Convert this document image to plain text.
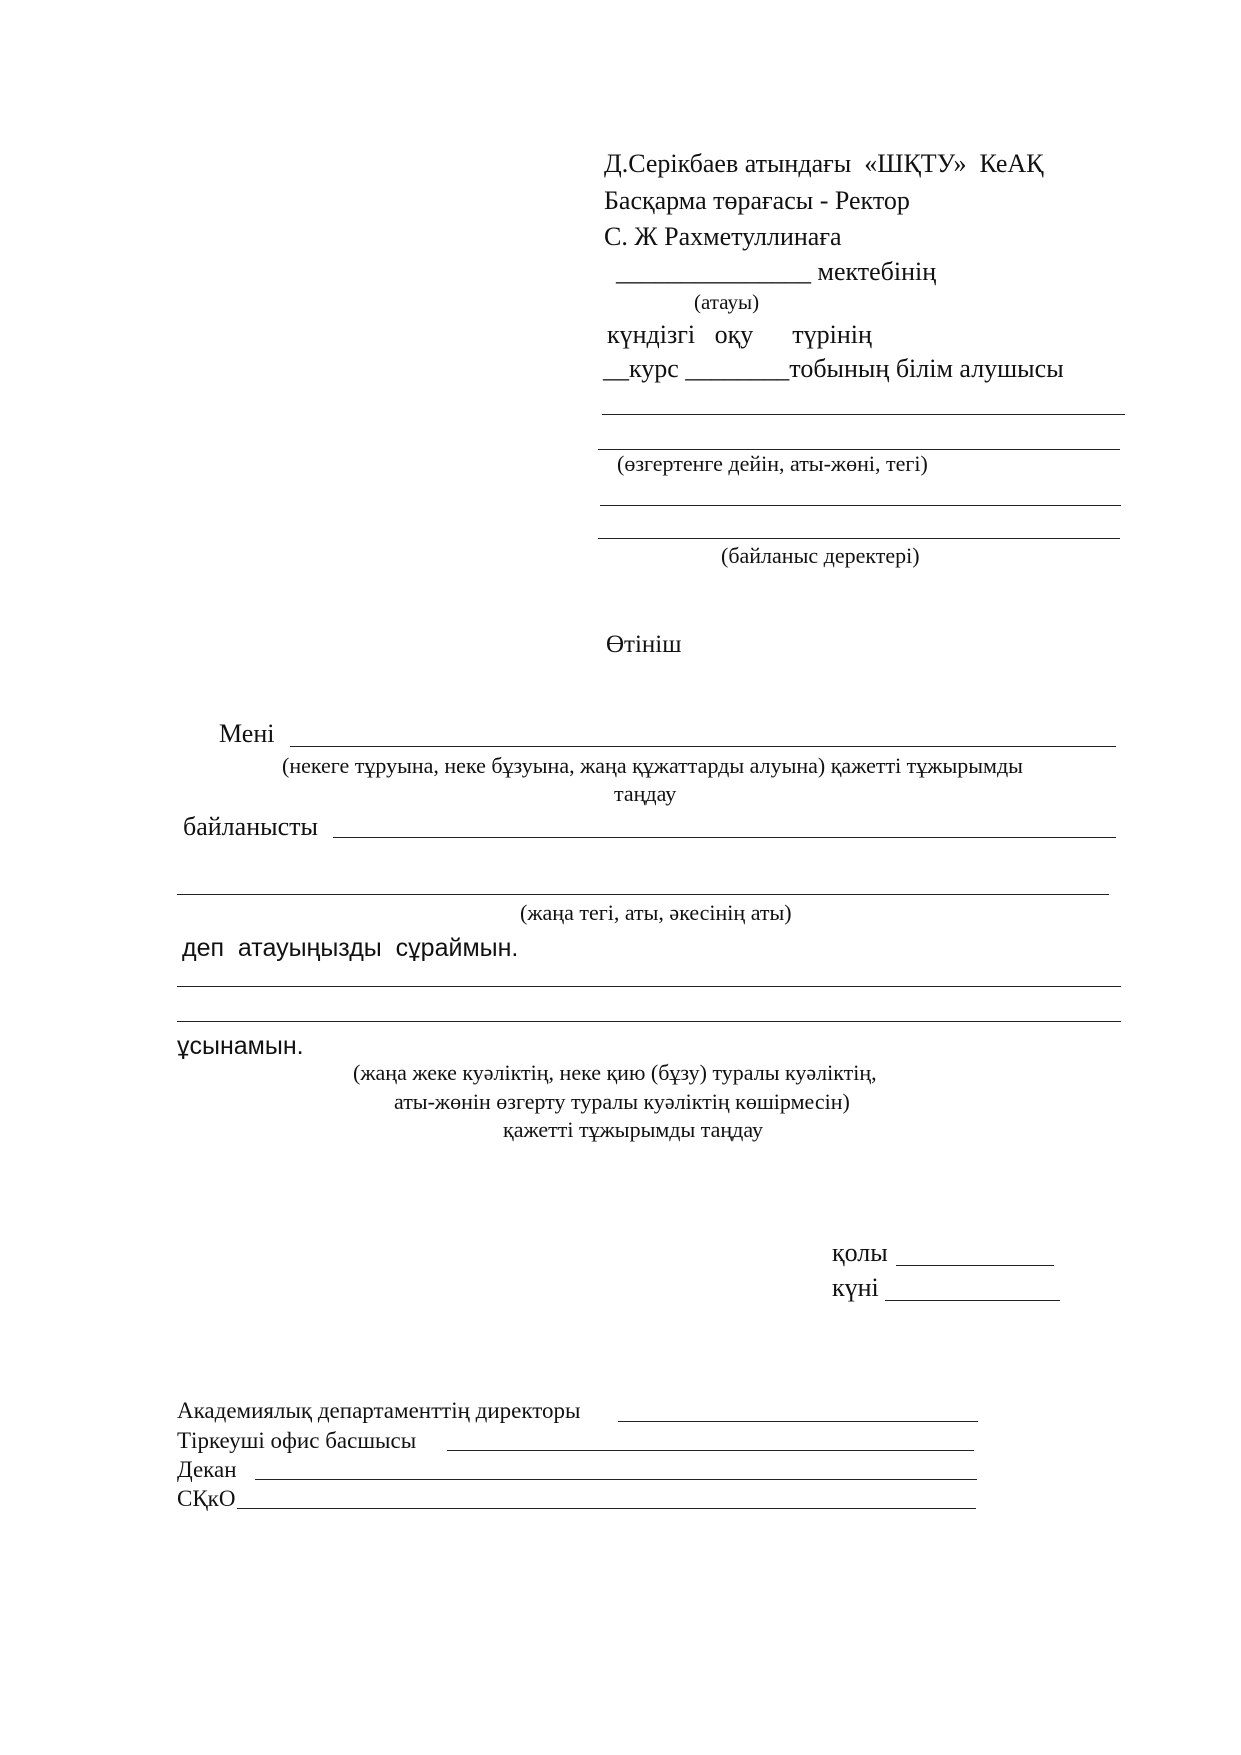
Д.Серікбаев атындағы  «ШҚТУ»  КеАҚ
Басқарма төрағасы - Ректор
С. Ж Рахметуллинаға
_______________ мектебінің
(атауы)
күндізгі   оқу      түрінің
__курс ________тобының білім алушысы
(өзгертенге дейін, аты-жөні, тегі)
(байланыс деректері)
Өтініш
Мені
(некеге тұруына, неке бұзуына, жаңа құжаттарды алуына) қажетті тұжырымды
таңдау
байланысты
(жаңа тегі, аты, әкесінің аты)
деп  атауыңызды  сұраймын.
ұсынамын.
(жаңа жеке куәліктің, неке қию (бұзу) туралы куәліктің,
аты-жөнін өзгерту туралы куәліктің көшірмесін)
қажетті тұжырымды таңдау
қолы
күні
Академиялық департаменттің директоры
Тіркеуші офис басшысы
Декан
СҚкО
